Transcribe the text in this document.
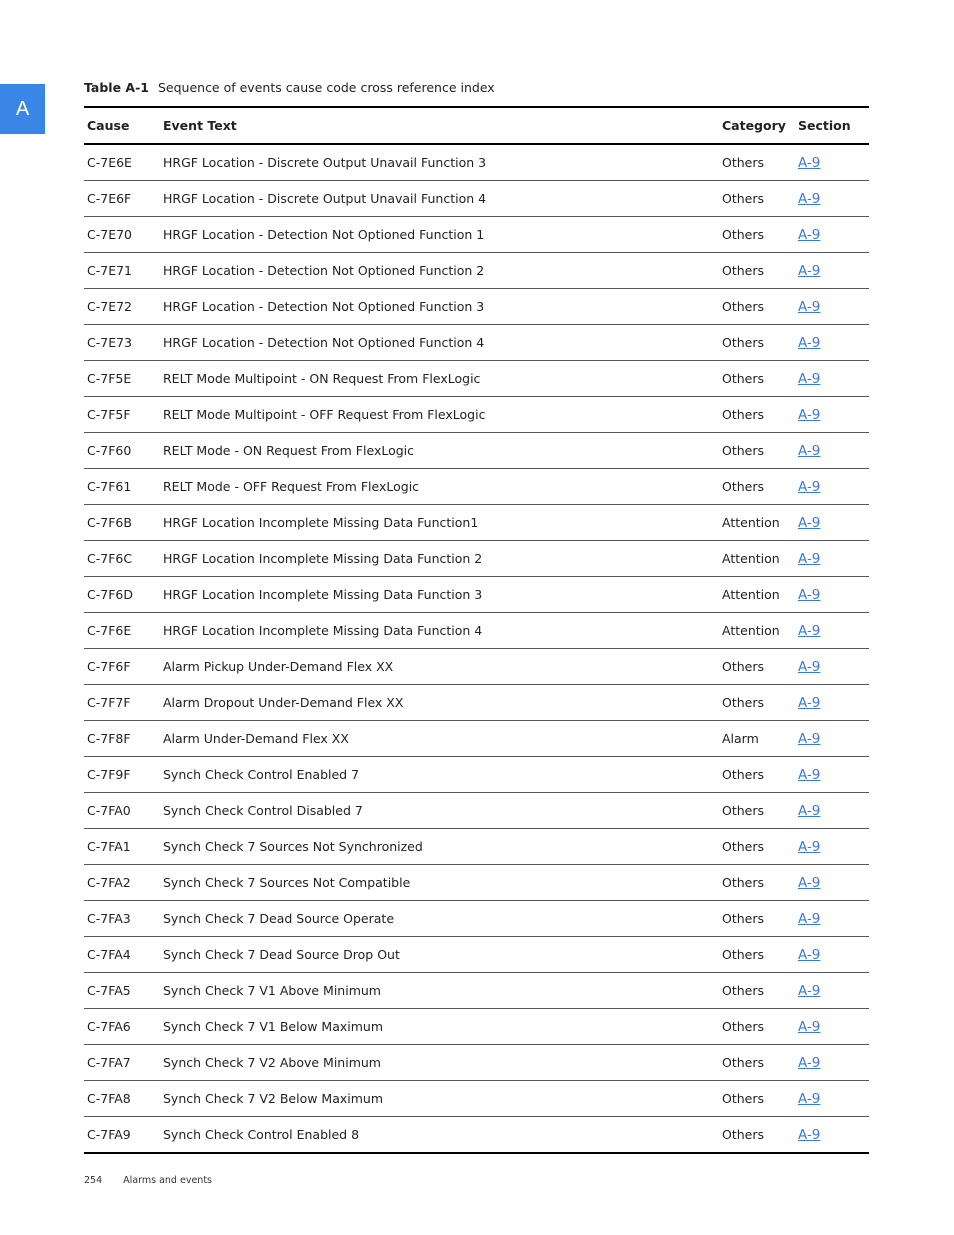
A
Table A-1 Sequence of events cause code cross reference index
Cause	Event Text	Category	Section
C-7E6E	HRGF Location - Discrete Output Unavail Function 3	Others	A-9
C-7E6F	HRGF Location - Discrete Output Unavail Function 4	Others	A-9
C-7E70	HRGF Location - Detection Not Optioned Function 1	Others	A-9
C-7E71	HRGF Location - Detection Not Optioned Function 2	Others	A-9
C-7E72	HRGF Location - Detection Not Optioned Function 3	Others	A-9
C-7E73	HRGF Location - Detection Not Optioned Function 4	Others	A-9
C-7F5E	RELT Mode Multipoint - ON Request From FlexLogic	Others	A-9
C-7F5F	RELT Mode Multipoint - OFF Request From FlexLogic	Others	A-9
C-7F60	RELT Mode - ON Request From FlexLogic	Others	A-9
C-7F61	RELT Mode - OFF Request From FlexLogic	Others	A-9
C-7F6B	HRGF Location Incomplete Missing Data Function1	Attention	A-9
C-7F6C	HRGF Location Incomplete Missing Data Function 2	Attention	A-9
C-7F6D	HRGF Location Incomplete Missing Data Function 3	Attention	A-9
C-7F6E	HRGF Location Incomplete Missing Data Function 4	Attention	A-9
C-7F6F	Alarm Pickup Under-Demand Flex XX	Others	A-9
C-7F7F	Alarm Dropout Under-Demand Flex XX	Others	A-9
C-7F8F	Alarm Under-Demand Flex XX	Alarm	A-9
C-7F9F	Synch Check Control Enabled 7	Others	A-9
C-7FA0	Synch Check Control Disabled 7	Others	A-9
C-7FA1	Synch Check 7 Sources Not Synchronized	Others	A-9
C-7FA2	Synch Check 7 Sources Not Compatible	Others	A-9
C-7FA3	Synch Check 7 Dead Source Operate	Others	A-9
C-7FA4	Synch Check 7 Dead Source Drop Out	Others	A-9
C-7FA5	Synch Check 7 V1 Above Minimum	Others	A-9
C-7FA6	Synch Check 7 V1 Below Maximum	Others	A-9
C-7FA7	Synch Check 7 V2 Above Minimum	Others	A-9
C-7FA8	Synch Check 7 V2 Below Maximum	Others	A-9
C-7FA9	Synch Check Control Enabled 8	Others	A-9
254 Alarms and events
